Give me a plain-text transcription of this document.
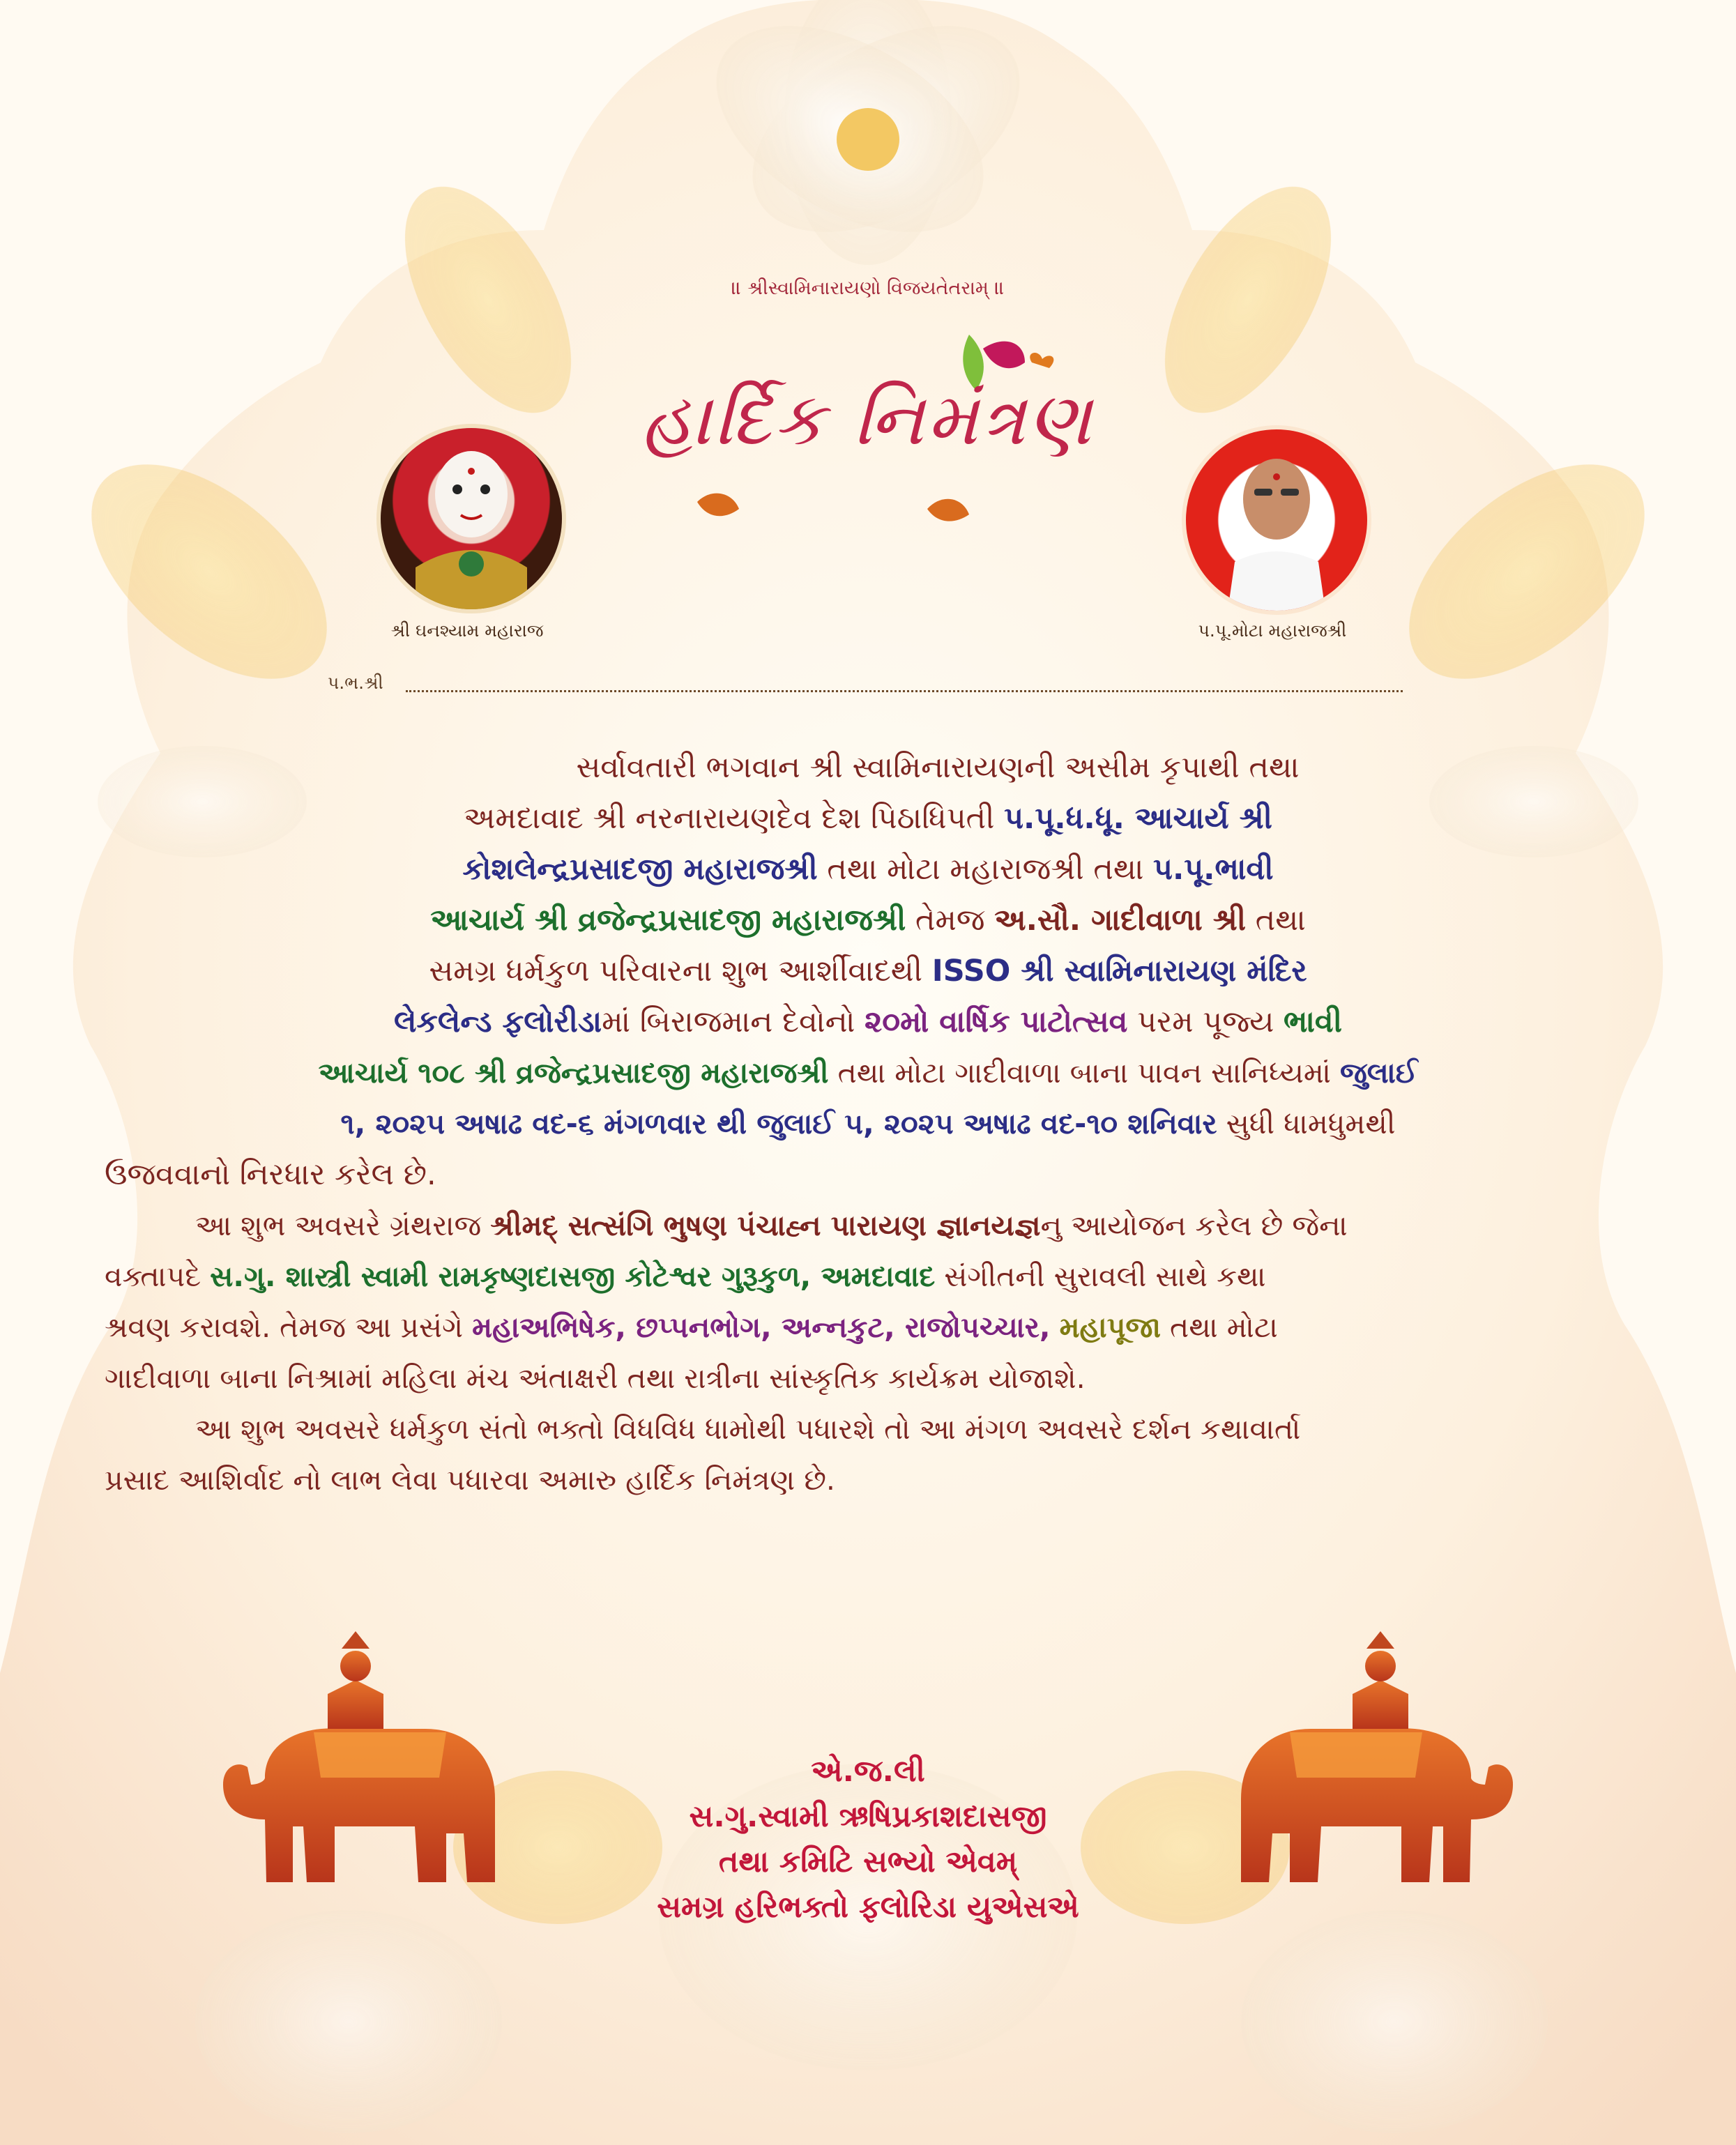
॥ શ્રીસ્વામિનારાયણો વિજયતેતરામ્ ॥
હાર્દિક નિમંત્રણ
શ્રી ઘનશ્યામ મહારાજ	પ.પૂ.મોટા મહારાજશ્રી
પ.ભ.શ્રી

સર્વાવતારી ભગવાન શ્રી સ્વામિનારાયણની અસીમ કૃપાથી તથા

અમદાવાદ શ્રી નરનારાયણદેવ દેશ પિઠાધિપતી પ.પૂ.ધ.ધૂ. આચાર્ય શ્રી

કોશલેન્દ્રપ્રસાદજી મહારાજશ્રી તથા મોટા મહારાજશ્રી તથા પ.પૂ.ભાવી

આચાર્ય શ્રી વ્રજેન્દ્રપ્રસાદજી મહારાજશ્રી તેમજ અ.સૌ. ગાદીવાળા શ્રી તથા

સમગ્ર ધર્મકુળ પરિવારના શુભ આર્શીવાદથી ISSO શ્રી સ્વામિનારાયણ મંદિર

લેકલેન્ડ ફલોરીડામાં બિરાજમાન દેવોનો ૨૦મો વાર્ષિક પાટોત્સવ પરમ પૂજ્ય ભાવી

આચાર્ય ૧૦૮ શ્રી વ્રજેન્દ્રપ્રસાદજી મહારાજશ્રી તથા મોટા ગાદીવાળા બાના પાવન સાનિધ્યમાં જુલાઈ

૧, ૨૦૨૫ અષાઢ વદ-૬ મંગળવાર થી જુલાઈ ૫, ૨૦૨૫ અષાઢ વદ-૧૦ શનિવાર સુધી ધામધુમથી

ઉજવવાનો નિરધાર કરેલ છે.

આ શુભ અવસરે ગ્રંથરાજ શ્રીમદ્ સત્સંગિ ભુષણ પંચાહ્ન પારાયણ જ્ઞાનયજ્ઞનુ આયોજન કરેલ છે જેના

વક્તાપદે સ.ગુ. શાસ્ત્રી સ્વામી રામકૃષ્ણદાસજી કોટેશ્વર ગુરૂકુળ, અમદાવાદ સંગીતની સુરાવલી સાથે કથા

શ્રવણ કરાવશે. તેમજ આ પ્રસંગે મહાઅભિષેક, છપ્પનભોગ, અન્નકુટ, રાજોપચ્ચાર, મહાપૂજા તથા મોટા

ગાદીવાળા બાના નિશ્રામાં મહિલા મંચ અંતાક્ષરી તથા રાત્રીના સાંસ્કૃતિક કાર્યક્રમ યોજાશે.

આ શુભ અવસરે ધર્મકુળ સંતો ભક્તો વિધવિધ ધામોથી પધારશે તો આ મંગળ અવસરે દર્શન કથાવાર્તા

પ્રસાદ આશિર્વાદ નો લાભ લેવા પધારવા અમારુ હાર્દિક નિમંત્રણ છે.

એ.જ.લી
સ.ગુ.સ્વામી ઋષિપ્રકાશદાસજી
તથા કમિટિ સભ્યો એવમ્
સમગ્ર હરિભક્તો ફલોરિડા યુએસએ
